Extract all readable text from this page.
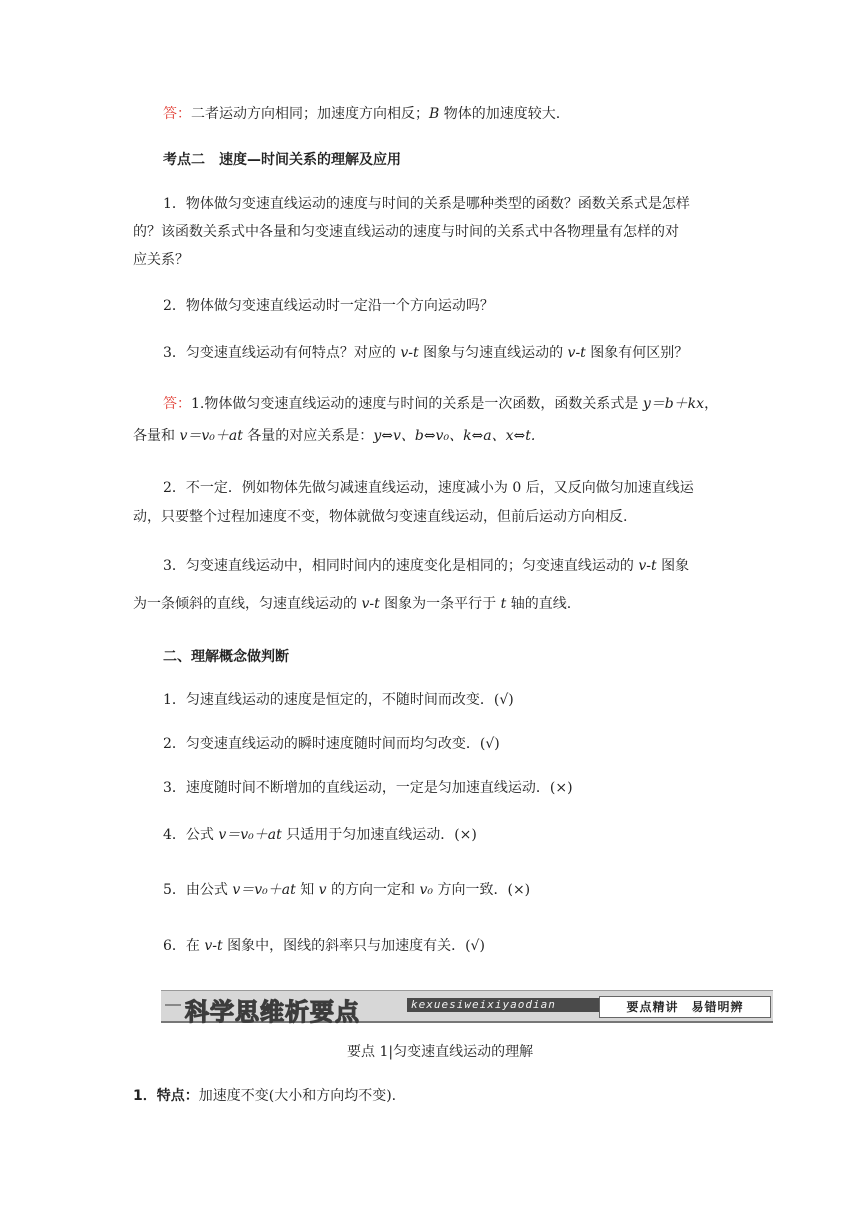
答：二者运动方向相同；加速度方向相反；B 物体的加速度较大.
考点二　速度—时间关系的理解及应用
1．物体做匀变速直线运动的速度与时间的关系是哪种类型的函数？函数关系式是怎样
的？该函数关系式中各量和匀变速直线运动的速度与时间的关系式中各物理量有怎样的对
应关系？
2．物体做匀变速直线运动时一定沿一个方向运动吗？
3．匀变速直线运动有何特点？对应的 v-t 图象与匀速直线运动的 v-t 图象有何区别？
答：1.物体做匀变速直线运动的速度与时间的关系是一次函数，函数关系式是 y＝b＋kx，
各量和 v＝v₀＋at 各量的对应关系是：y⇔v、b⇔v₀、k⇔a、x⇔t.
2．不一定．例如物体先做匀减速直线运动，速度减小为 0 后，又反向做匀加速直线运
动，只要整个过程加速度不变，物体就做匀变速直线运动，但前后运动方向相反.
3．匀变速直线运动中，相同时间内的速度变化是相同的；匀变速直线运动的 v-t 图象
为一条倾斜的直线，匀速直线运动的 v-t 图象为一条平行于 t 轴的直线.
二、理解概念做判断
1．匀速直线运动的速度是恒定的，不随时间而改变．(√)
2．匀变速直线运动的瞬时速度随时间而均匀改变．(√)
3．速度随时间不断增加的直线运动，一定是匀加速直线运动．(×)
4．公式 v＝v₀＋at 只适用于匀加速直线运动．(×)
5．由公式 v＝v₀＋at 知 v 的方向一定和 v₀ 方向一致．(×)
6．在 v-t 图象中，图线的斜率只与加速度有关．(√)
科学思维析要点	kexuesiweixiyaodian	要点精讲　易错明辨
要点 1|匀变速直线运动的理解
1．特点：加速度不变(大小和方向均不变).
